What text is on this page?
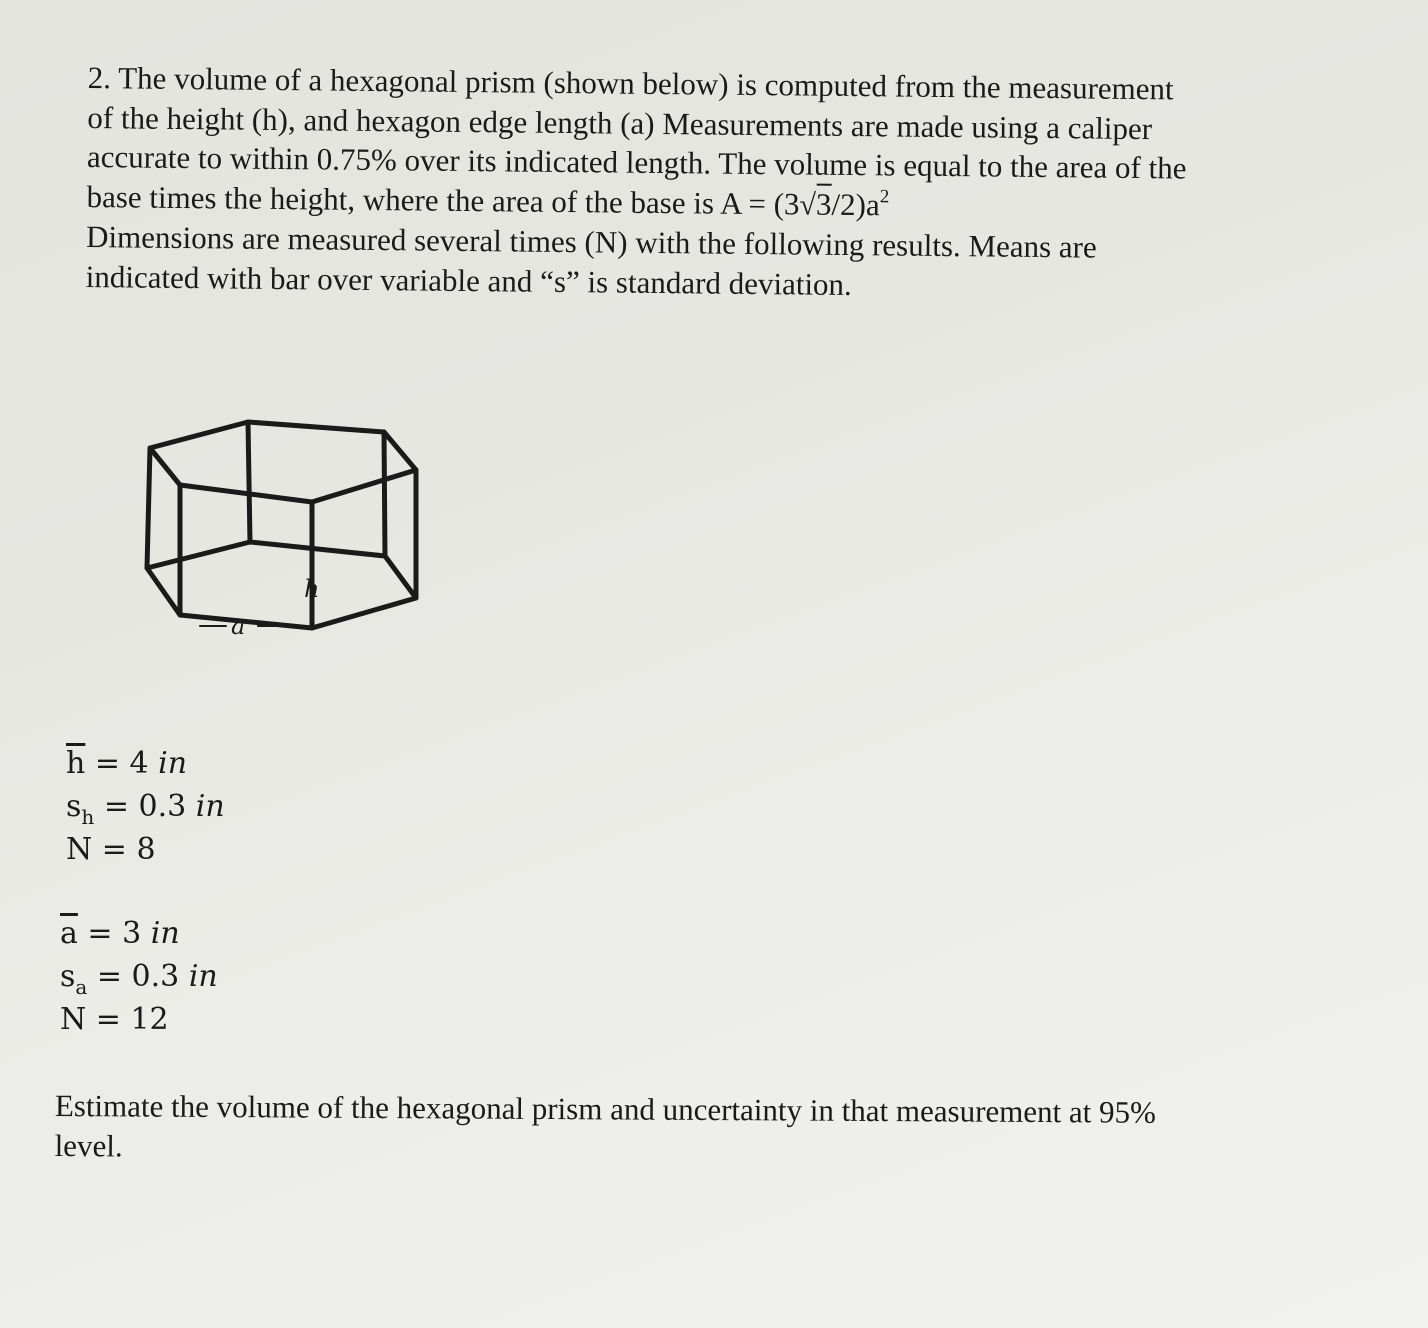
2. The volume of a hexagonal prism (shown below) is computed from the measurement
of the height (h), and hexagon edge length (a) Measurements are made using a caliper
accurate to within 0.75% over its indicated length. The volume is equal to the area of the
base times the height, where the area of the base is $A = (3√3/2)a^2$
Dimensions are measured several times (N) with the following results. Means are
indicated with bar over variable and “s” is standard deviation.
h
a
$\overline{h} = 4$ in
$s_h = 0.3$ in
N = 8
$\overline{a} = 3$ in
$s_a = 0.3$ in
N = 12
Estimate the volume of the hexagonal prism and uncertainty in that measurement at 95%
level.
